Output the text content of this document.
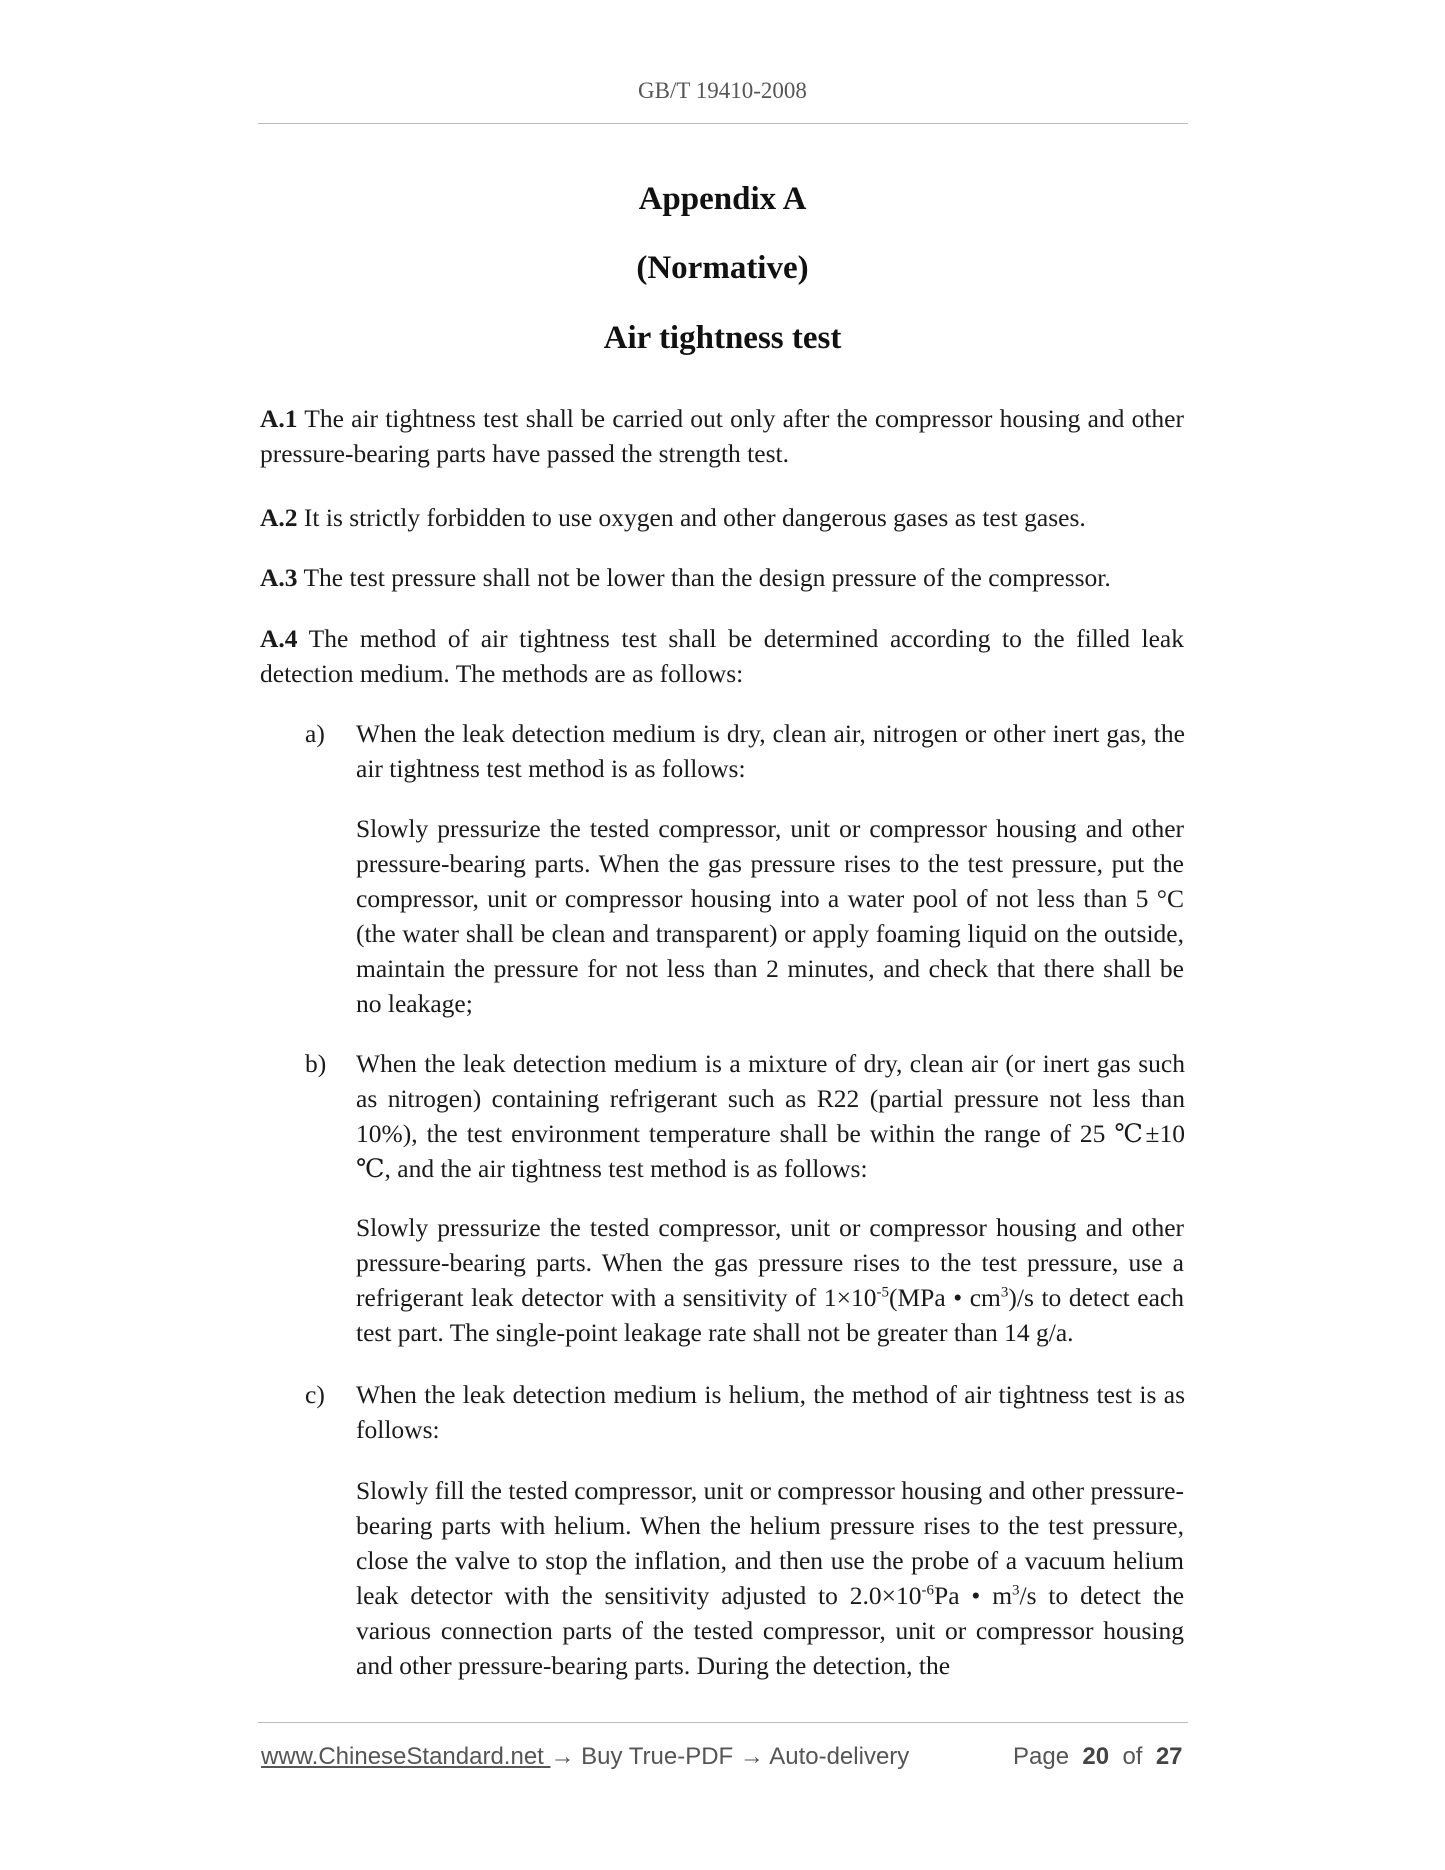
GB/T 19410-2008
Appendix A
(Normative)
Air tightness test
A.1 The air tightness test shall be carried out only after the compressor housing and other pressure-bearing parts have passed the strength test.
A.2 It is strictly forbidden to use oxygen and other dangerous gases as test gases.
A.3 The test pressure shall not be lower than the design pressure of the compressor.
A.4 The method of air tightness test shall be determined according to the filled leak detection medium. The methods are as follows:
a)	When the leak detection medium is dry, clean air, nitrogen or other inert gas, the air tightness test method is as follows:
Slowly pressurize the tested compressor, unit or compressor housing and other pressure-bearing parts. When the gas pressure rises to the test pressure, put the compressor, unit or compressor housing into a water pool of not less than 5 °C (the water shall be clean and transparent) or apply foaming liquid on the outside, maintain the pressure for not less than 2 minutes, and check that there shall be no leakage;
b)	When the leak detection medium is a mixture of dry, clean air (or inert gas such as nitrogen) containing refrigerant such as R22 (partial pressure not less than 10%), the test environment temperature shall be within the range of 25 ℃±10 ℃, and the air tightness test method is as follows:
Slowly pressurize the tested compressor, unit or compressor housing and other pressure-bearing parts. When the gas pressure rises to the test pressure, use a refrigerant leak detector with a sensitivity of $1\times 10^{-5}(MPa$ • $cm^3)/s$ to detect each test part. The single-point leakage rate shall not be greater than 14 g/a.
c)	When the leak detection medium is helium, the method of air tightness test is as follows:
Slowly fill the tested compressor, unit or compressor housing and other pressure-bearing parts with helium. When the helium pressure rises to the test pressure, close the valve to stop the inflation, and then use the probe of a vacuum helium leak detector with the sensitivity adjusted to $2.0\times 10^{-6}Pa$ • $m^3/s$ to detect the various connection parts of the tested compressor, unit or compressor housing and other pressure-bearing parts. During the detection, the
www.ChineseStandard.net → Buy True-PDF → Auto-delivery	Page 20 of 27
